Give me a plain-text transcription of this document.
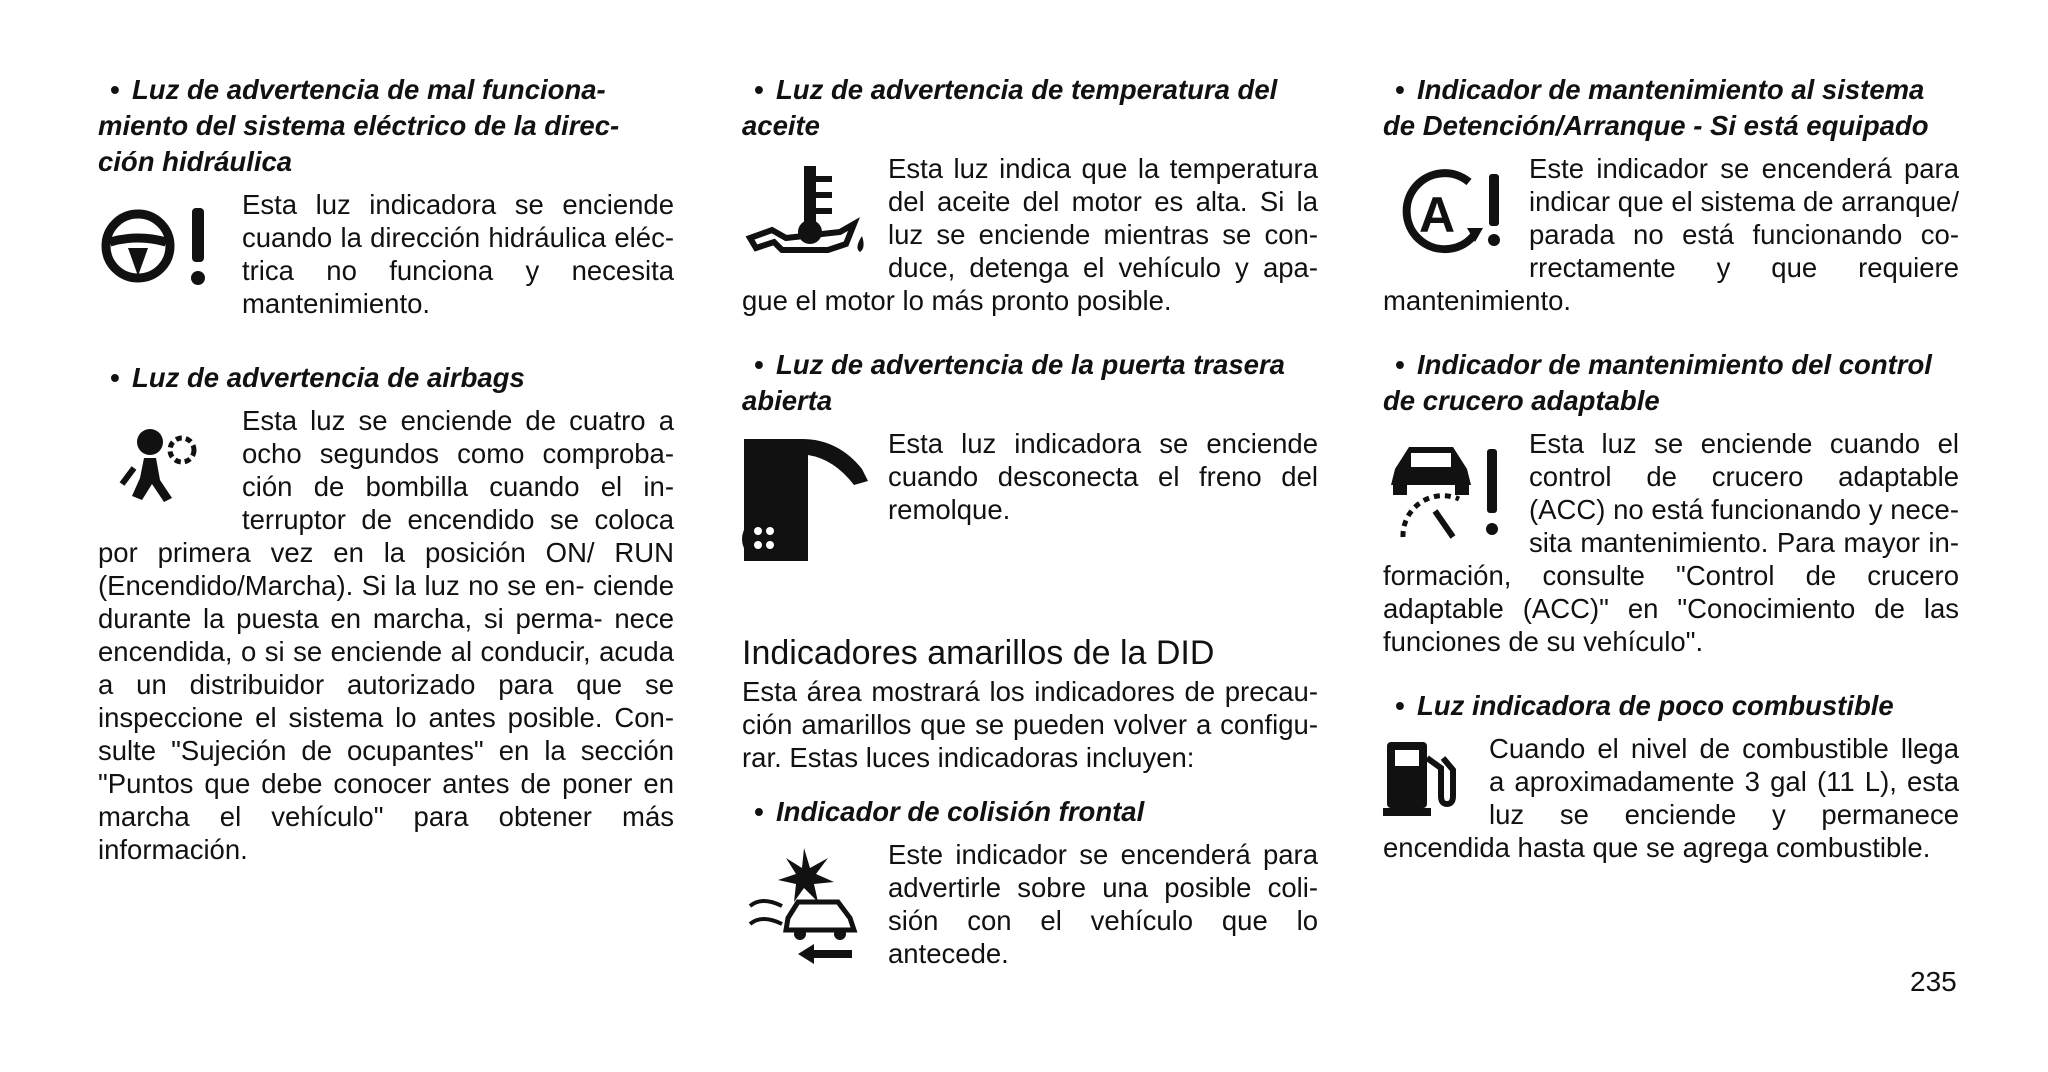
• Luz de advertencia de mal funciona- miento del sistema eléctrico de la direc- ción hidráulica

Esta luz indicadora se enciende cuando la dirección hidráulica eléc- trica no funciona y necesita mantenimiento.

• Luz de advertencia de airbags

Esta luz se enciende de cuatro a ocho segundos como comproba- ción de bombilla cuando el in- terruptor de encendido se coloca por primera vez en la posición ON/ RUN (Encendido/Marcha). Si la luz no se en- ciende durante la puesta en marcha, si perma- nece encendida, o si se enciende al conducir, acuda a un distribuidor autorizado para que se inspeccione el sistema lo antes posible. Con- sulte "Sujeción de ocupantes" en la sección "Puntos que debe conocer antes de poner en marcha el vehículo" para obtener más información.

• Luz de advertencia de temperatura del aceite

Esta luz indica que la temperatura del aceite del motor es alta. Si la luz se enciende mientras se con- duce, detenga el vehículo y apa- gue el motor lo más pronto posible.

• Luz de advertencia de la puerta trasera abierta

Esta luz indicadora se enciende cuando desconecta el freno del remolque.

Indicadores amarillos de la DID

Esta área mostrará los indicadores de precau- ción amarillos que se pueden volver a configu- rar. Estas luces indicadoras incluyen:

• Indicador de colisión frontal

Este indicador se encenderá para advertirle sobre una posible coli- sión con el vehículo que lo antecede.

• Indicador de mantenimiento al sistema de Detención/Arranque - Si está equipado
A

Este indicador se encenderá para indicar que el sistema de arranque/ parada no está funcionando co- rrectamente y que requiere mantenimiento.

• Indicador de mantenimiento del control de crucero adaptable

Esta luz se enciende cuando el control de crucero adaptable (ACC) no está funcionando y nece- sita mantenimiento. Para mayor in- formación, consulte "Control de crucero adaptable (ACC)" en "Conocimiento de las funciones de su vehículo".

• Luz indicadora de poco combustible

Cuando el nivel de combustible llega a aproximadamente 3 gal (11 L), esta luz se enciende y permanece encendida hasta que se agrega combustible.

235
